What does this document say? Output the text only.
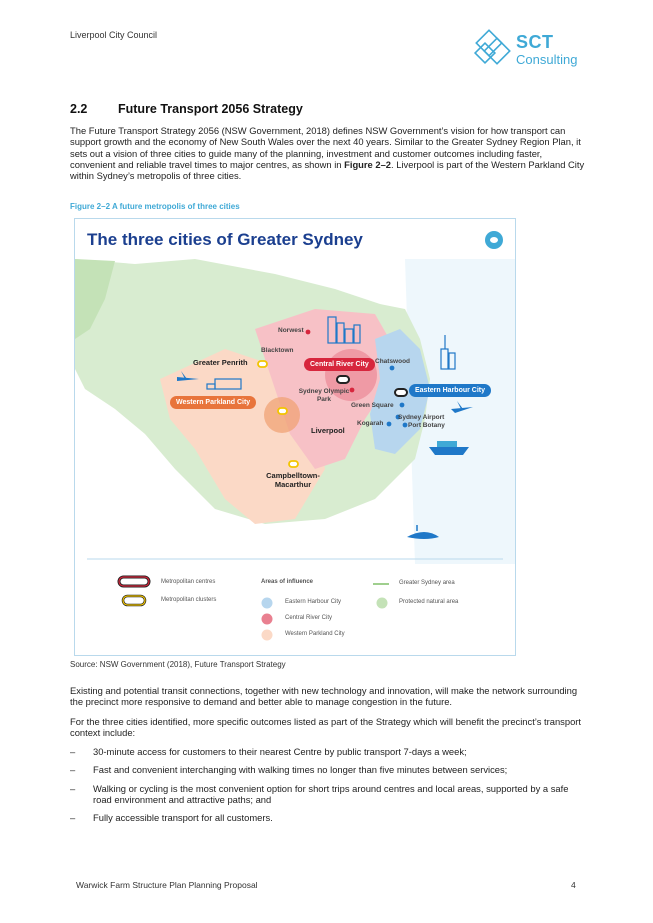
Liverpool City Council	SCT
Consulting
2.2 Future Transport 2056 Strategy
The Future Transport Strategy 2056 (NSW Government, 2018) defines NSW Government’s vision for how transport can support growth and the economy of New South Wales over the next 40 years. Similar to the Greater Sydney Region Plan, it sets out a vision of three cities to guide many of the planning, investment and customer outcomes including faster, convenient and reliable travel times to major centres, as shown in Figure 2–2. Liverpool is part of the Western Parkland City within Sydney’s metropolis of three cities.
Figure 2–2 A future metropolis of three cities
The three cities of Greater Sydney
Norwest
Blacktown
Greater Penrith	Chatswood
Sydney Olympic Park
Green Square
Kogarah
Sydney Airport
Port Botany
Liverpool
Campbelltown-Macarthur
Central River City
Eastern Harbour City
Western Parkland City
Metropolitan centres
Metropolitan clusters
Areas of influence
Eastern Harbour City
Central River City
Western Parkland City
Greater Sydney area
Protected natural area
Source: NSW Government (2018), Future Transport Strategy
Existing and potential transit connections, together with new technology and innovation, will make the network surrounding the precinct more responsive to demand and better able to manage congestion in the future.
For the three cities identified, more specific outcomes listed as part of the Strategy which will benefit the precinct’s transport context include:
– 30-minute access for customers to their nearest Centre by public transport 7-days a week;
– Fast and convenient interchanging with walking times no longer than five minutes between services;
– Walking or cycling is the most convenient option for short trips around centres and local areas, supported by a safe road environment and attractive paths; and
– Fully accessible transport for all customers.
Warwick Farm Structure Plan Planning Proposal	4
